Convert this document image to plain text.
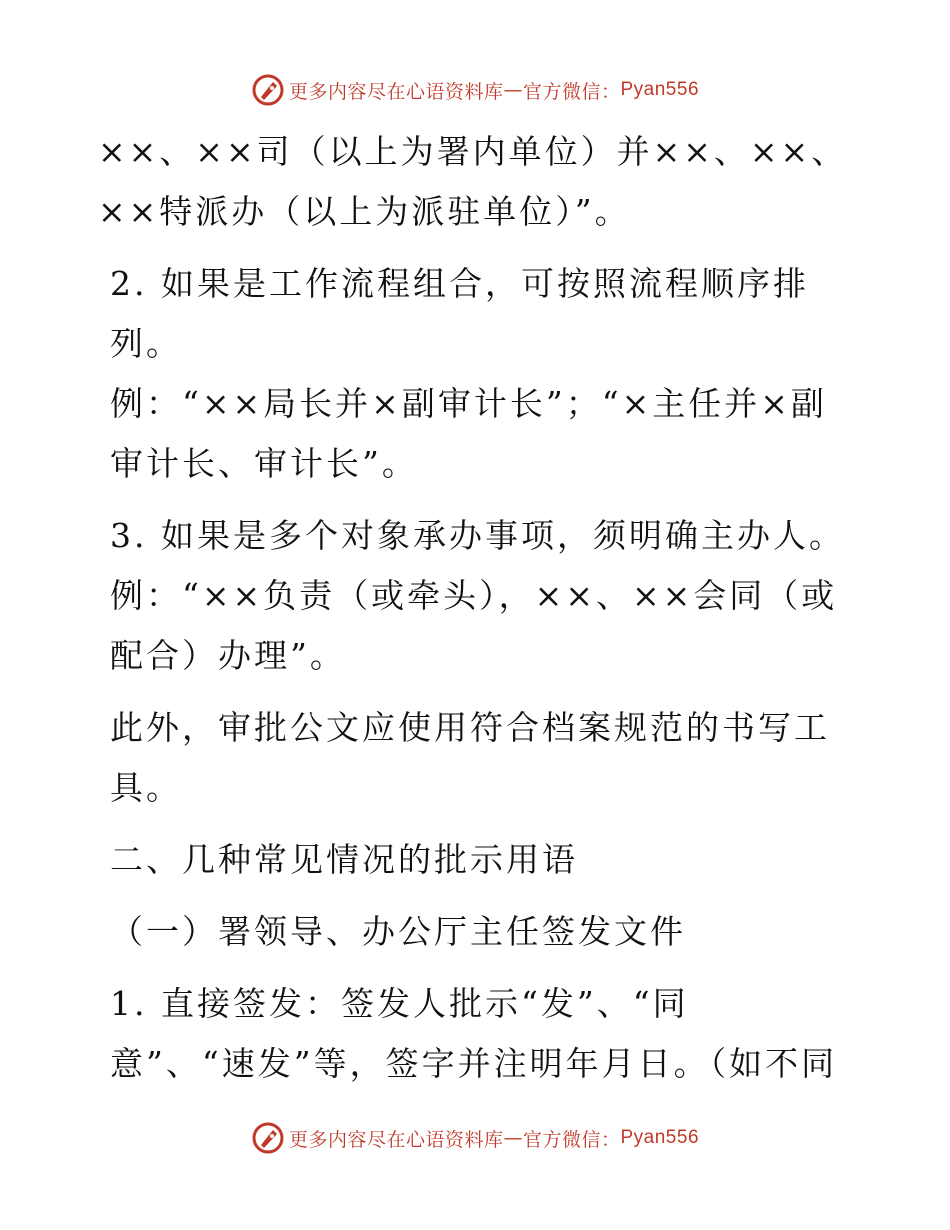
更多内容尽在心语资料库 — 官方微信： Pyan556

××、××司（以上为署内单位）并××、××、
××特派办（以上为派驻单位）”。

2. 如果是工作流程组合，可按照流程顺序排列。
例：“××局长并×副审计长”；“×主任并×副
审计长、审计长”。

3. 如果是多个对象承办事项，须明确主办人。
例：“××负责（或牵头），××、××会同（或
配合）办理”。

此外，审批公文应使用符合档案规范的书写工
具。

二、几种常见情况的批示用语

（一）署领导、办公厅主任签发文件

1. 直接签发：签发人批示“发”、“同
意”、“速发”等，签字并注明年月日。（如不同

更多内容尽在心语资料库 — 官方微信： Pyan556
